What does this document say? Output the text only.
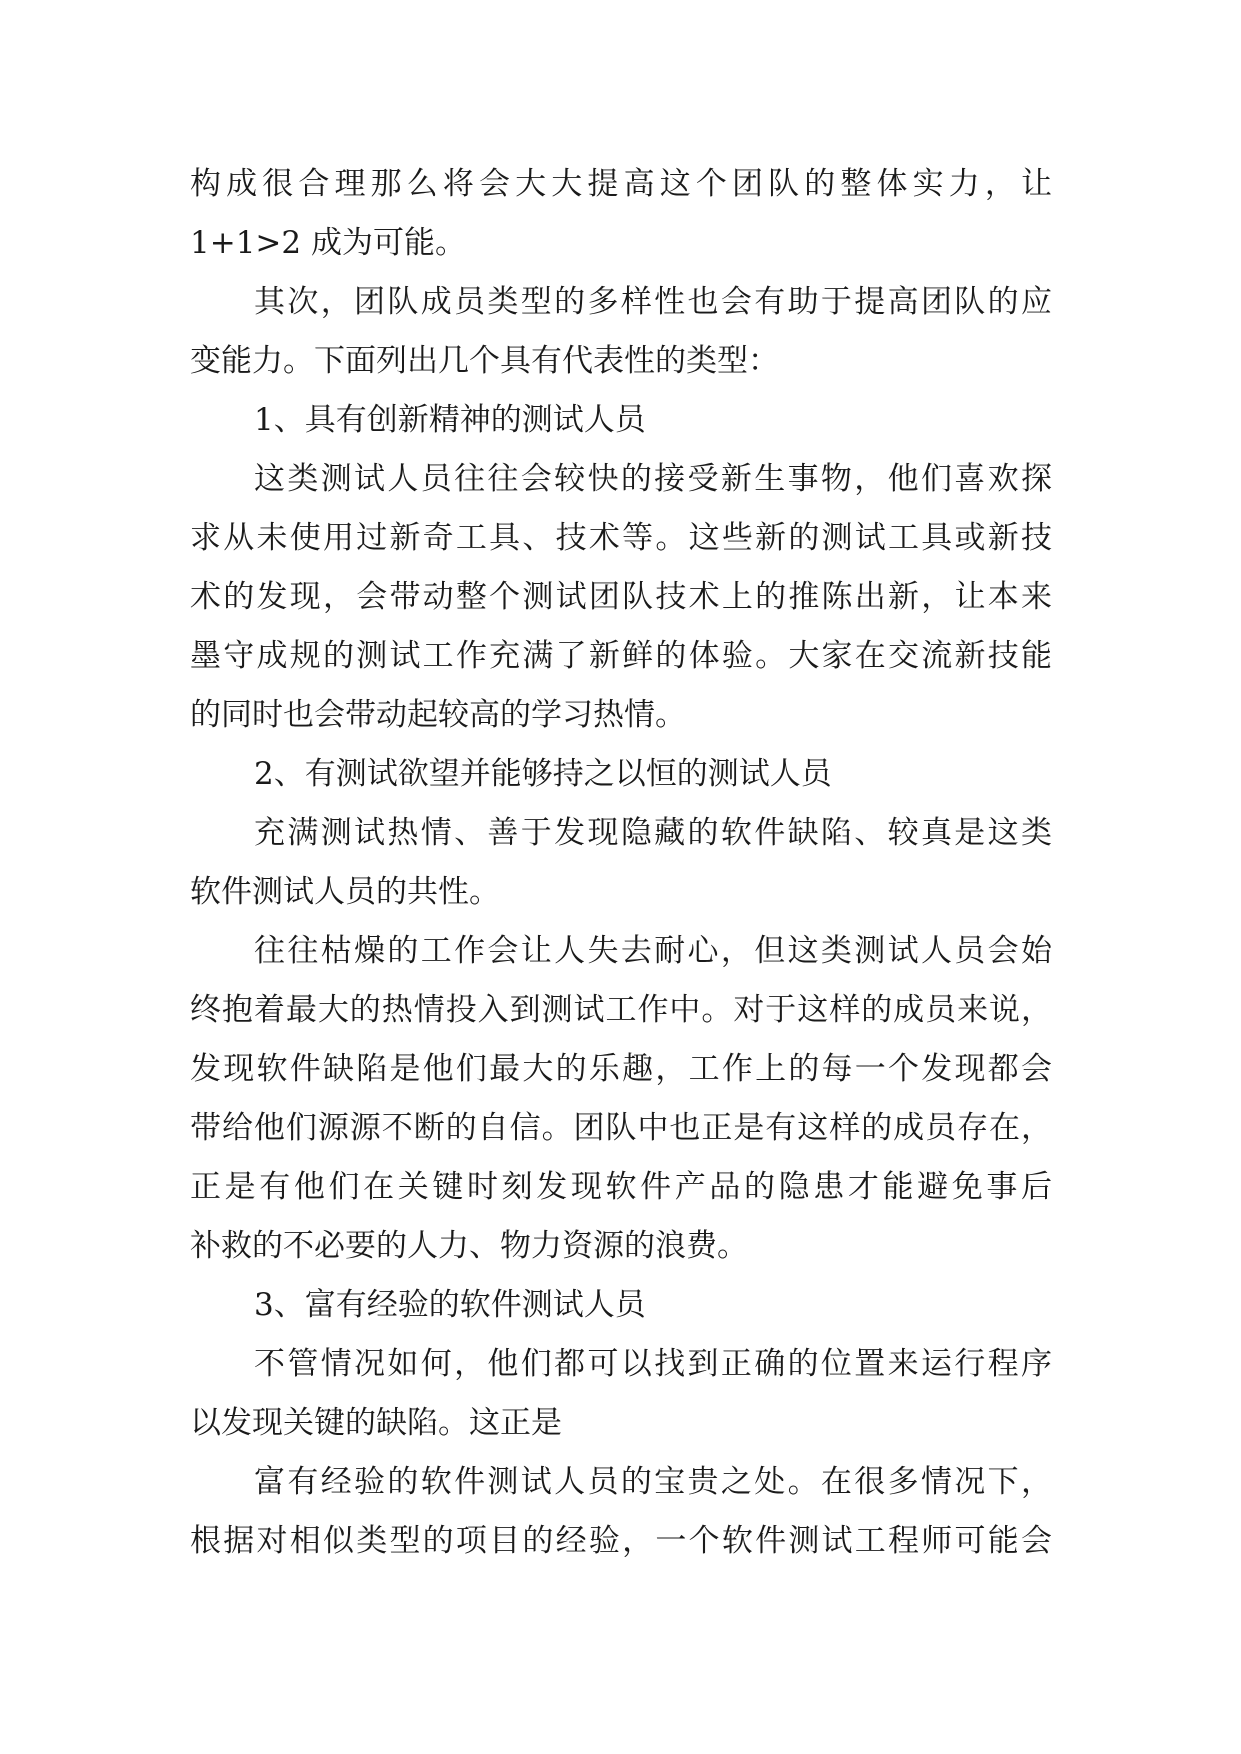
构成很合理那么将会大大提高这个团队的整体实力，让

1+1>2 成为可能。

其次，团队成员类型的多样性也会有助于提高团队的应

变能力。下面列出几个具有代表性的类型：

1、具有创新精神的测试人员

这类测试人员往往会较快的接受新生事物，他们喜欢探

求从未使用过新奇工具、技术等。这些新的测试工具或新技

术的发现，会带动整个测试团队技术上的推陈出新，让本来

墨守成规的测试工作充满了新鲜的体验。大家在交流新技能

的同时也会带动起较高的学习热情。

2、有测试欲望并能够持之以恒的测试人员

充满测试热情、善于发现隐藏的软件缺陷、较真是这类

软件测试人员的共性。

往往枯燥的工作会让人失去耐心，但这类测试人员会始

终抱着最大的热情投入到测试工作中。对于这样的成员来说，

发现软件缺陷是他们最大的乐趣，工作上的每一个发现都会

带给他们源源不断的自信。团队中也正是有这样的成员存在，

正是有他们在关键时刻发现软件产品的隐患才能避免事后

补救的不必要的人力、物力资源的浪费。

3、富有经验的软件测试人员

不管情况如何，他们都可以找到正确的位置来运行程序

以发现关键的缺陷。这正是

富有经验的软件测试人员的宝贵之处。在很多情况下，

根据对相似类型的项目的经验，一个软件测试工程师可能会
